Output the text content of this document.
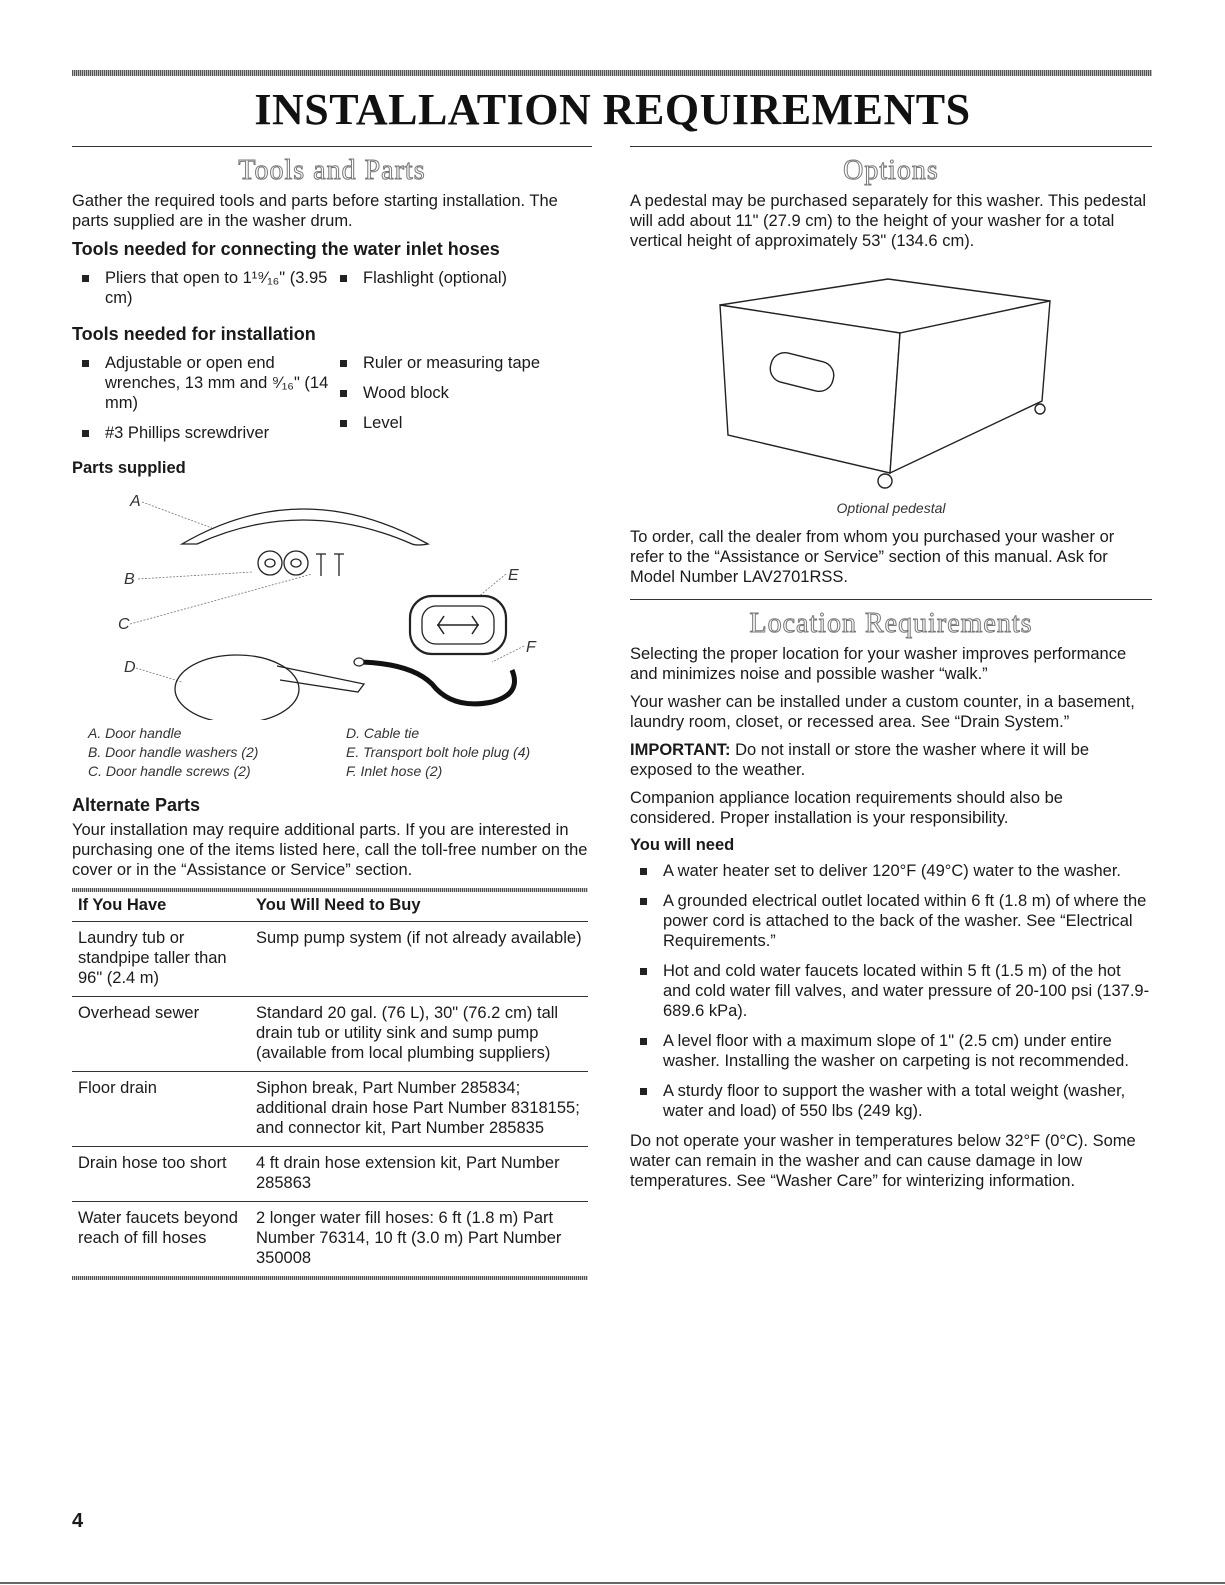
INSTALLATION REQUIREMENTS
Tools and Parts

Gather the required tools and parts before starting installation. The parts supplied are in the washer drum.

Tools needed for connecting the water inlet hoses
Pliers that open to 1¹⁹⁄₁₆" (3.95 cm)
Flashlight (optional)
Tools needed for installation
Adjustable or open end wrenches, 13 mm and ⁹⁄₁₆" (14 mm)
#3 Phillips screwdriver
Ruler or measuring tape
Wood block
Level
Parts supplied
A
B
C
D
E
F
A. Door handle
B. Door handle washers (2)
C. Door handle screws (2)
D. Cable tie
E. Transport bolt hole plug (4)
F. Inlet hose (2)
Alternate Parts

Your installation may require additional parts. If you are interested in purchasing one of the items listed here, call the toll-free number on the cover or in the “Assistance or Service” section.

If You Have	You Will Need to Buy
Laundry tub or standpipe taller than 96" (2.4 m)	Sump pump system (if not already available)
Overhead sewer	Standard 20 gal. (76 L), 30" (76.2 cm) tall drain tub or utility sink and sump pump (available from local plumbing suppliers)
Floor drain	Siphon break, Part Number 285834; additional drain hose Part Number 8318155; and connector kit, Part Number 285835
Drain hose too short	4 ft drain hose extension kit, Part Number 285863
Water faucets beyond reach of fill hoses	2 longer water fill hoses: 6 ft (1.8 m) Part Number 76314, 10 ft (3.0 m) Part Number 350008
Options

A pedestal may be purchased separately for this washer. This pedestal will add about 11" (27.9 cm) to the height of your washer for a total vertical height of approximately 53" (134.6 cm).

Optional pedestal

To order, call the dealer from whom you purchased your washer or refer to the “Assistance or Service” section of this manual. Ask for Model Number LAV2701RSS.

Location Requirements

Selecting the proper location for your washer improves performance and minimizes noise and possible washer “walk.”

Your washer can be installed under a custom counter, in a basement, laundry room, closet, or recessed area. See “Drain System.”

IMPORTANT: Do not install or store the washer where it will be exposed to the weather.

Companion appliance location requirements should also be considered. Proper installation is your responsibility.

You will need
A water heater set to deliver 120°F (49°C) water to the washer.
A grounded electrical outlet located within 6 ft (1.8 m) of where the power cord is attached to the back of the washer. See “Electrical Requirements.”
Hot and cold water faucets located within 5 ft (1.5 m) of the hot and cold water fill valves, and water pressure of 20-100 psi (137.9-689.6 kPa).
A level floor with a maximum slope of 1" (2.5 cm) under entire washer. Installing the washer on carpeting is not recommended.
A sturdy floor to support the washer with a total weight (washer, water and load) of 550 lbs (249 kg).

Do not operate your washer in temperatures below 32°F (0°C). Some water can remain in the washer and can cause damage in low temperatures. See “Washer Care” for winterizing information.

4
